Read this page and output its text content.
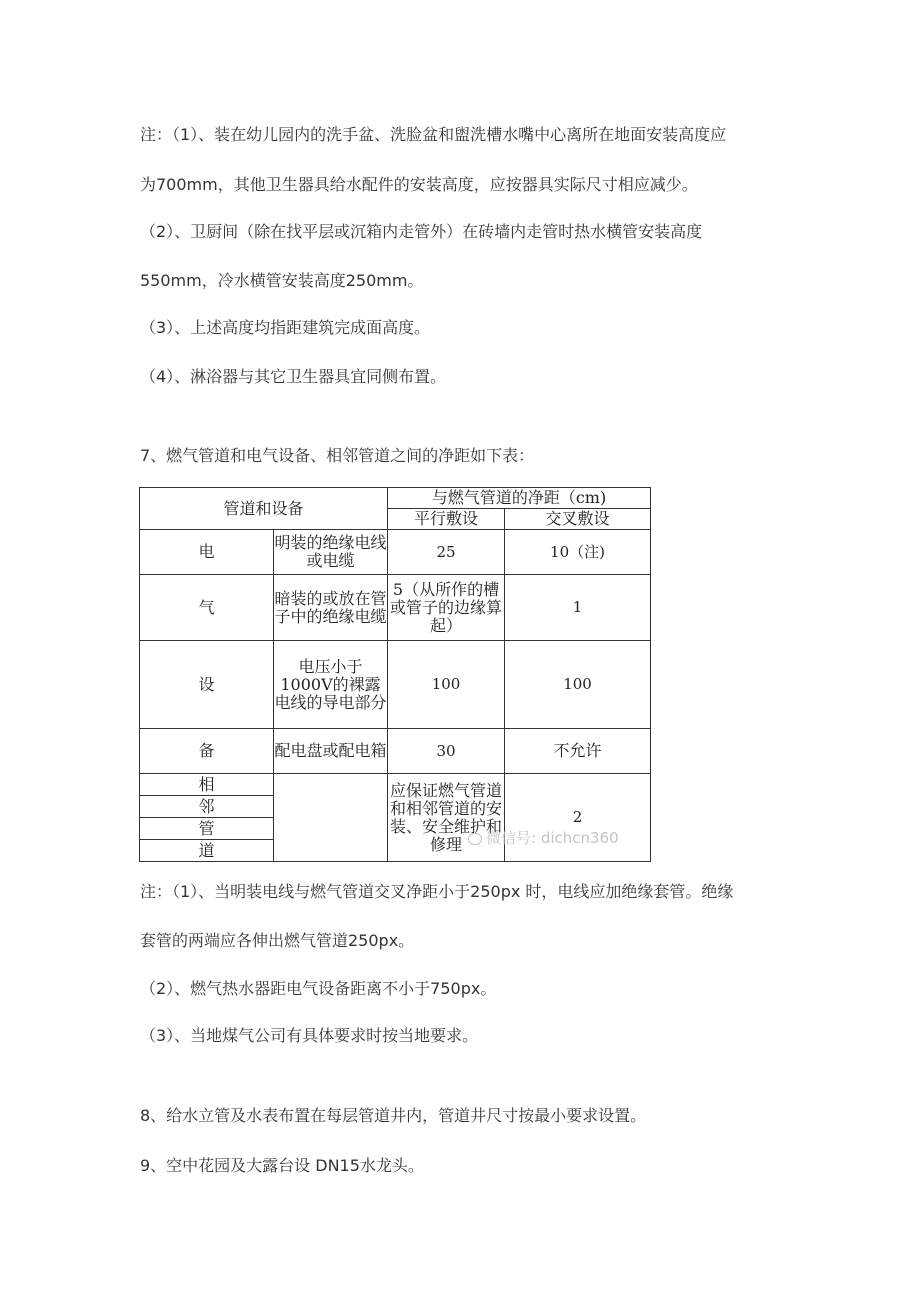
注：（1）、装在幼儿园内的洗手盆、洗脸盆和盥洗槽水嘴中心离所在地面安装高度应

为700mm，其他卫生器具给水配件的安装高度，应按器具实际尺寸相应减少。

（2）、卫厨间（除在找平层或沉箱内走管外）在砖墙内走管时热水横管安装高度

550mm，冷水横管安装高度250mm。

（3）、上述高度均指距建筑完成面高度。

（4）、淋浴器与其它卫生器具宜同侧布置。

7、燃气管道和电气设备、相邻管道之间的净距如下表：

管道和设备		与燃气管道的净距（cm)	
		平行敷设	交叉敷设
电	明装的绝缘电线或电缆	25	10（注)
气	暗装的或放在管子中的绝缘电缆	5（从所作的槽或管子的边缘算起）	1
设	电压小于1000V的裸露电线的导电部分	100	100
备	配电盘或配电箱	30	不允许
相		应保证燃气管道和相邻管道的安装、安全维护和修理	2
邻			
管			
道			
微信号: dichcn360

注：（1）、当明装电线与燃气管道交叉净距小于250px 时，电线应加绝缘套管。绝缘

套管的两端应各伸出燃气管道250px。

（2）、燃气热水器距电气设备距离不小于750px。

（3）、当地煤气公司有具体要求时按当地要求。

8、给水立管及水表布置在每层管道井内，管道井尺寸按最小要求设置。

9、空中花园及大露台设 DN15水龙头。
